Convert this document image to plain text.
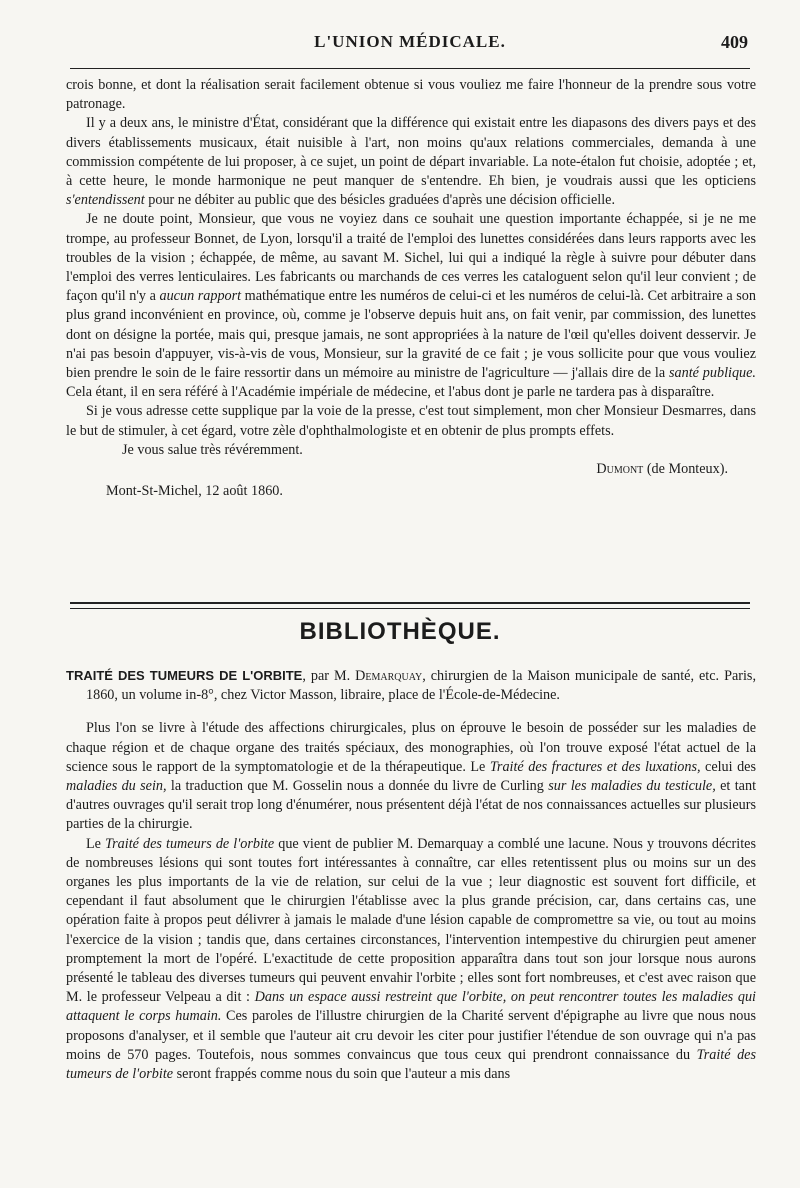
L'UNION MÉDICALE.	409

crois bonne, et dont la réalisation serait facilement obtenue si vous vouliez me faire l'honneur de la prendre sous votre patronage.

Il y a deux ans, le ministre d'État, considérant que la différence qui existait entre les diapasons des divers pays et des divers établissements musicaux, était nuisible à l'art, non moins qu'aux relations commerciales, demanda à une commission compétente de lui proposer, à ce sujet, un point de départ invariable. La note-étalon fut choisie, adoptée ; et, à cette heure, le monde harmonique ne peut manquer de s'entendre. Eh bien, je voudrais aussi que les opticiens s'entendissent pour ne débiter au public que des bésicles graduées d'après une décision officielle.

Je ne doute point, Monsieur, que vous ne voyiez dans ce souhait une question importante échappée, si je ne me trompe, au professeur Bonnet, de Lyon, lorsqu'il a traité de l'emploi des lunettes considérées dans leurs rapports avec les troubles de la vision ; échappée, de même, au savant M. Sichel, lui qui a indiqué la règle à suivre pour débuter dans l'emploi des verres lenticulaires. Les fabricants ou marchands de ces verres les cataloguent selon qu'il leur convient ; de façon qu'il n'y a aucun rapport mathématique entre les numéros de celui-ci et les numéros de celui-là. Cet arbitraire a son plus grand inconvénient en province, où, comme je l'observe depuis huit ans, on fait venir, par commission, des lunettes dont on désigne la portée, mais qui, presque jamais, ne sont appropriées à la nature de l'œil qu'elles doivent desservir. Je n'ai pas besoin d'appuyer, vis-à-vis de vous, Monsieur, sur la gravité de ce fait ; je vous sollicite pour que vous vouliez bien prendre le soin de le faire ressortir dans un mémoire au ministre de l'agriculture — j'allais dire de la santé publique. Cela étant, il en sera référé à l'Académie impériale de médecine, et l'abus dont je parle ne tardera pas à disparaître.

Si je vous adresse cette supplique par la voie de la presse, c'est tout simplement, mon cher Monsieur Desmarres, dans le but de stimuler, à cet égard, votre zèle d'ophthalmologiste et en obtenir de plus prompts effets.

Je vous salue très révéremment.

Dumont (de Monteux).
Mont-St-Michel, 12 août 1860.
BIBLIOTHÈQUE.

TRAITÉ DES TUMEURS DE L'ORBITE, par M. Demarquay, chirurgien de la Maison municipale de santé, etc. Paris, 1860, un volume in-8°, chez Victor Masson, libraire, place de l'École-de-Médecine.

Plus l'on se livre à l'étude des affections chirurgicales, plus on éprouve le besoin de posséder sur les maladies de chaque région et de chaque organe des traités spéciaux, des monographies, où l'on trouve exposé l'état actuel de la science sous le rapport de la symptomatologie et de la thérapeutique. Le Traité des fractures et des luxations, celui des maladies du sein, la traduction que M. Gosselin nous a donnée du livre de Curling sur les maladies du testicule, et tant d'autres ouvrages qu'il serait trop long d'énumérer, nous présentent déjà l'état de nos connaissances actuelles sur plusieurs parties de la chirurgie.

Le Traité des tumeurs de l'orbite que vient de publier M. Demarquay a comblé une lacune. Nous y trouvons décrites de nombreuses lésions qui sont toutes fort intéressantes à connaître, car elles retentissent plus ou moins sur un des organes les plus importants de la vie de relation, sur celui de la vue ; leur diagnostic est souvent fort difficile, et cependant il faut absolument que le chirurgien l'établisse avec la plus grande précision, car, dans certains cas, une opération faite à propos peut délivrer à jamais le malade d'une lésion capable de compromettre sa vie, ou tout au moins l'exercice de la vision ; tandis que, dans certaines circonstances, l'intervention intempestive du chirurgien peut amener promptement la mort de l'opéré. L'exactitude de cette proposition apparaîtra dans tout son jour lorsque nous aurons présenté le tableau des diverses tumeurs qui peuvent envahir l'orbite ; elles sont fort nombreuses, et c'est avec raison que M. le professeur Velpeau a dit : Dans un espace aussi restreint que l'orbite, on peut rencontrer toutes les maladies qui attaquent le corps humain. Ces paroles de l'illustre chirurgien de la Charité servent d'épigraphe au livre que nous nous proposons d'analyser, et il semble que l'auteur ait cru devoir les citer pour justifier l'étendue de son ouvrage qui n'a pas moins de 570 pages. Toutefois, nous sommes convaincus que tous ceux qui prendront connaissance du Traité des tumeurs de l'orbite seront frappés comme nous du soin que l'auteur a mis dans
